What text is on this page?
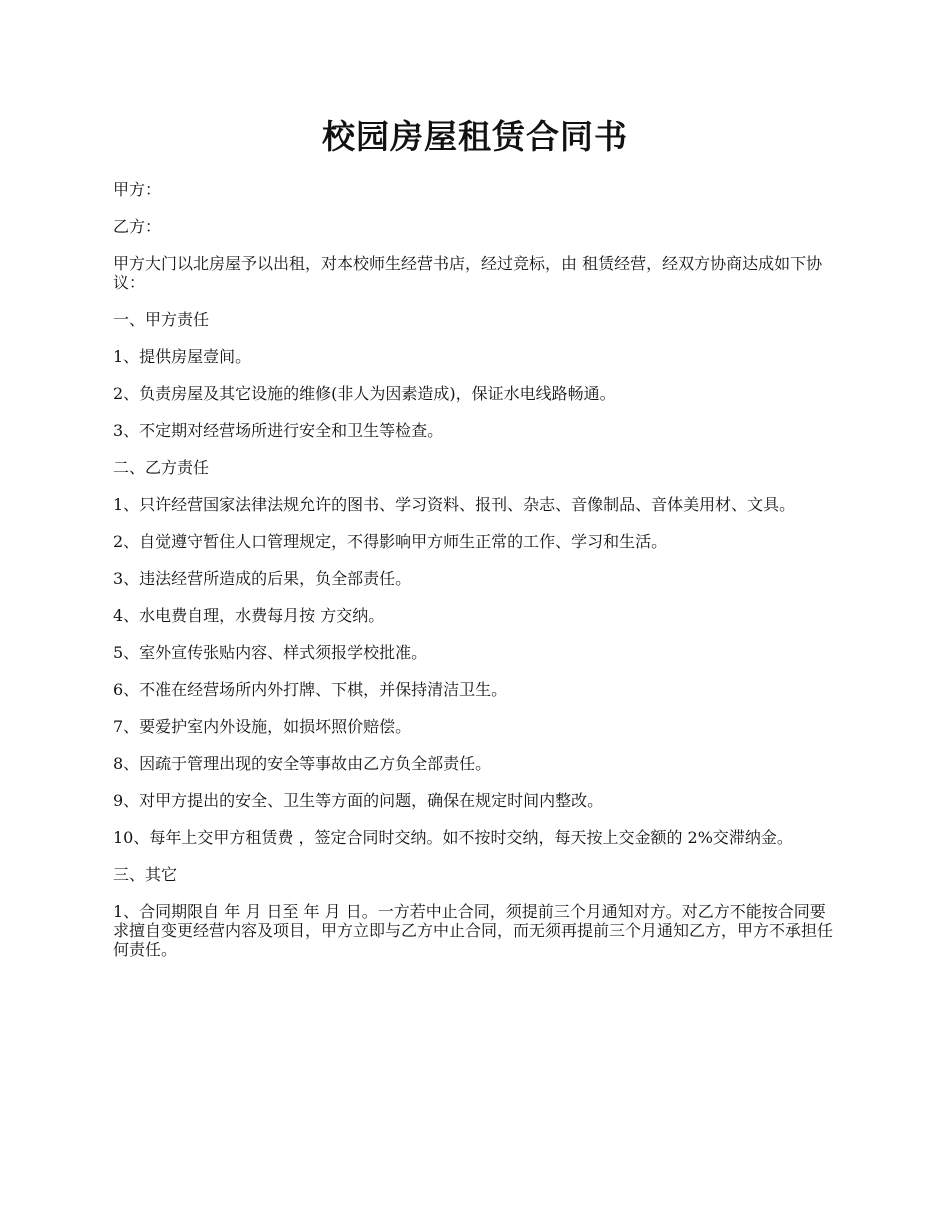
校园房屋租赁合同书

甲方：

乙方：

甲方大门以北房屋予以出租，对本校师生经营书店，经过竞标，由 租赁经营，经双方协商达成如下协议：

一、甲方责任

1、提供房屋壹间。

2、负责房屋及其它设施的维修(非人为因素造成)，保证水电线路畅通。

3、不定期对经营场所进行安全和卫生等检查。

二、乙方责任

1、只许经营国家法律法规允许的图书、学习资料、报刊、杂志、音像制品、音体美用材、文具。

2、自觉遵守暂住人口管理规定，不得影响甲方师生正常的工作、学习和生活。

3、违法经营所造成的后果，负全部责任。

4、水电费自理，水费每月按 方交纳。

5、室外宣传张贴内容、样式须报学校批准。

6、不准在经营场所内外打牌、下棋，并保持清洁卫生。

7、要爱护室内外设施，如损坏照价赔偿。

8、因疏于管理出现的安全等事故由乙方负全部责任。

9、对甲方提出的安全、卫生等方面的问题，确保在规定时间内整改。

10、每年上交甲方租赁费 ，签定合同时交纳。如不按时交纳，每天按上交金额的 2%交滞纳金。

三、其它

1、合同期限自 年 月 日至 年 月 日。一方若中止合同，须提前三个月通知对方。对乙方不能按合同要求擅自变更经营内容及项目，甲方立即与乙方中止合同，而无须再提前三个月通知乙方，甲方不承担任何责任。
